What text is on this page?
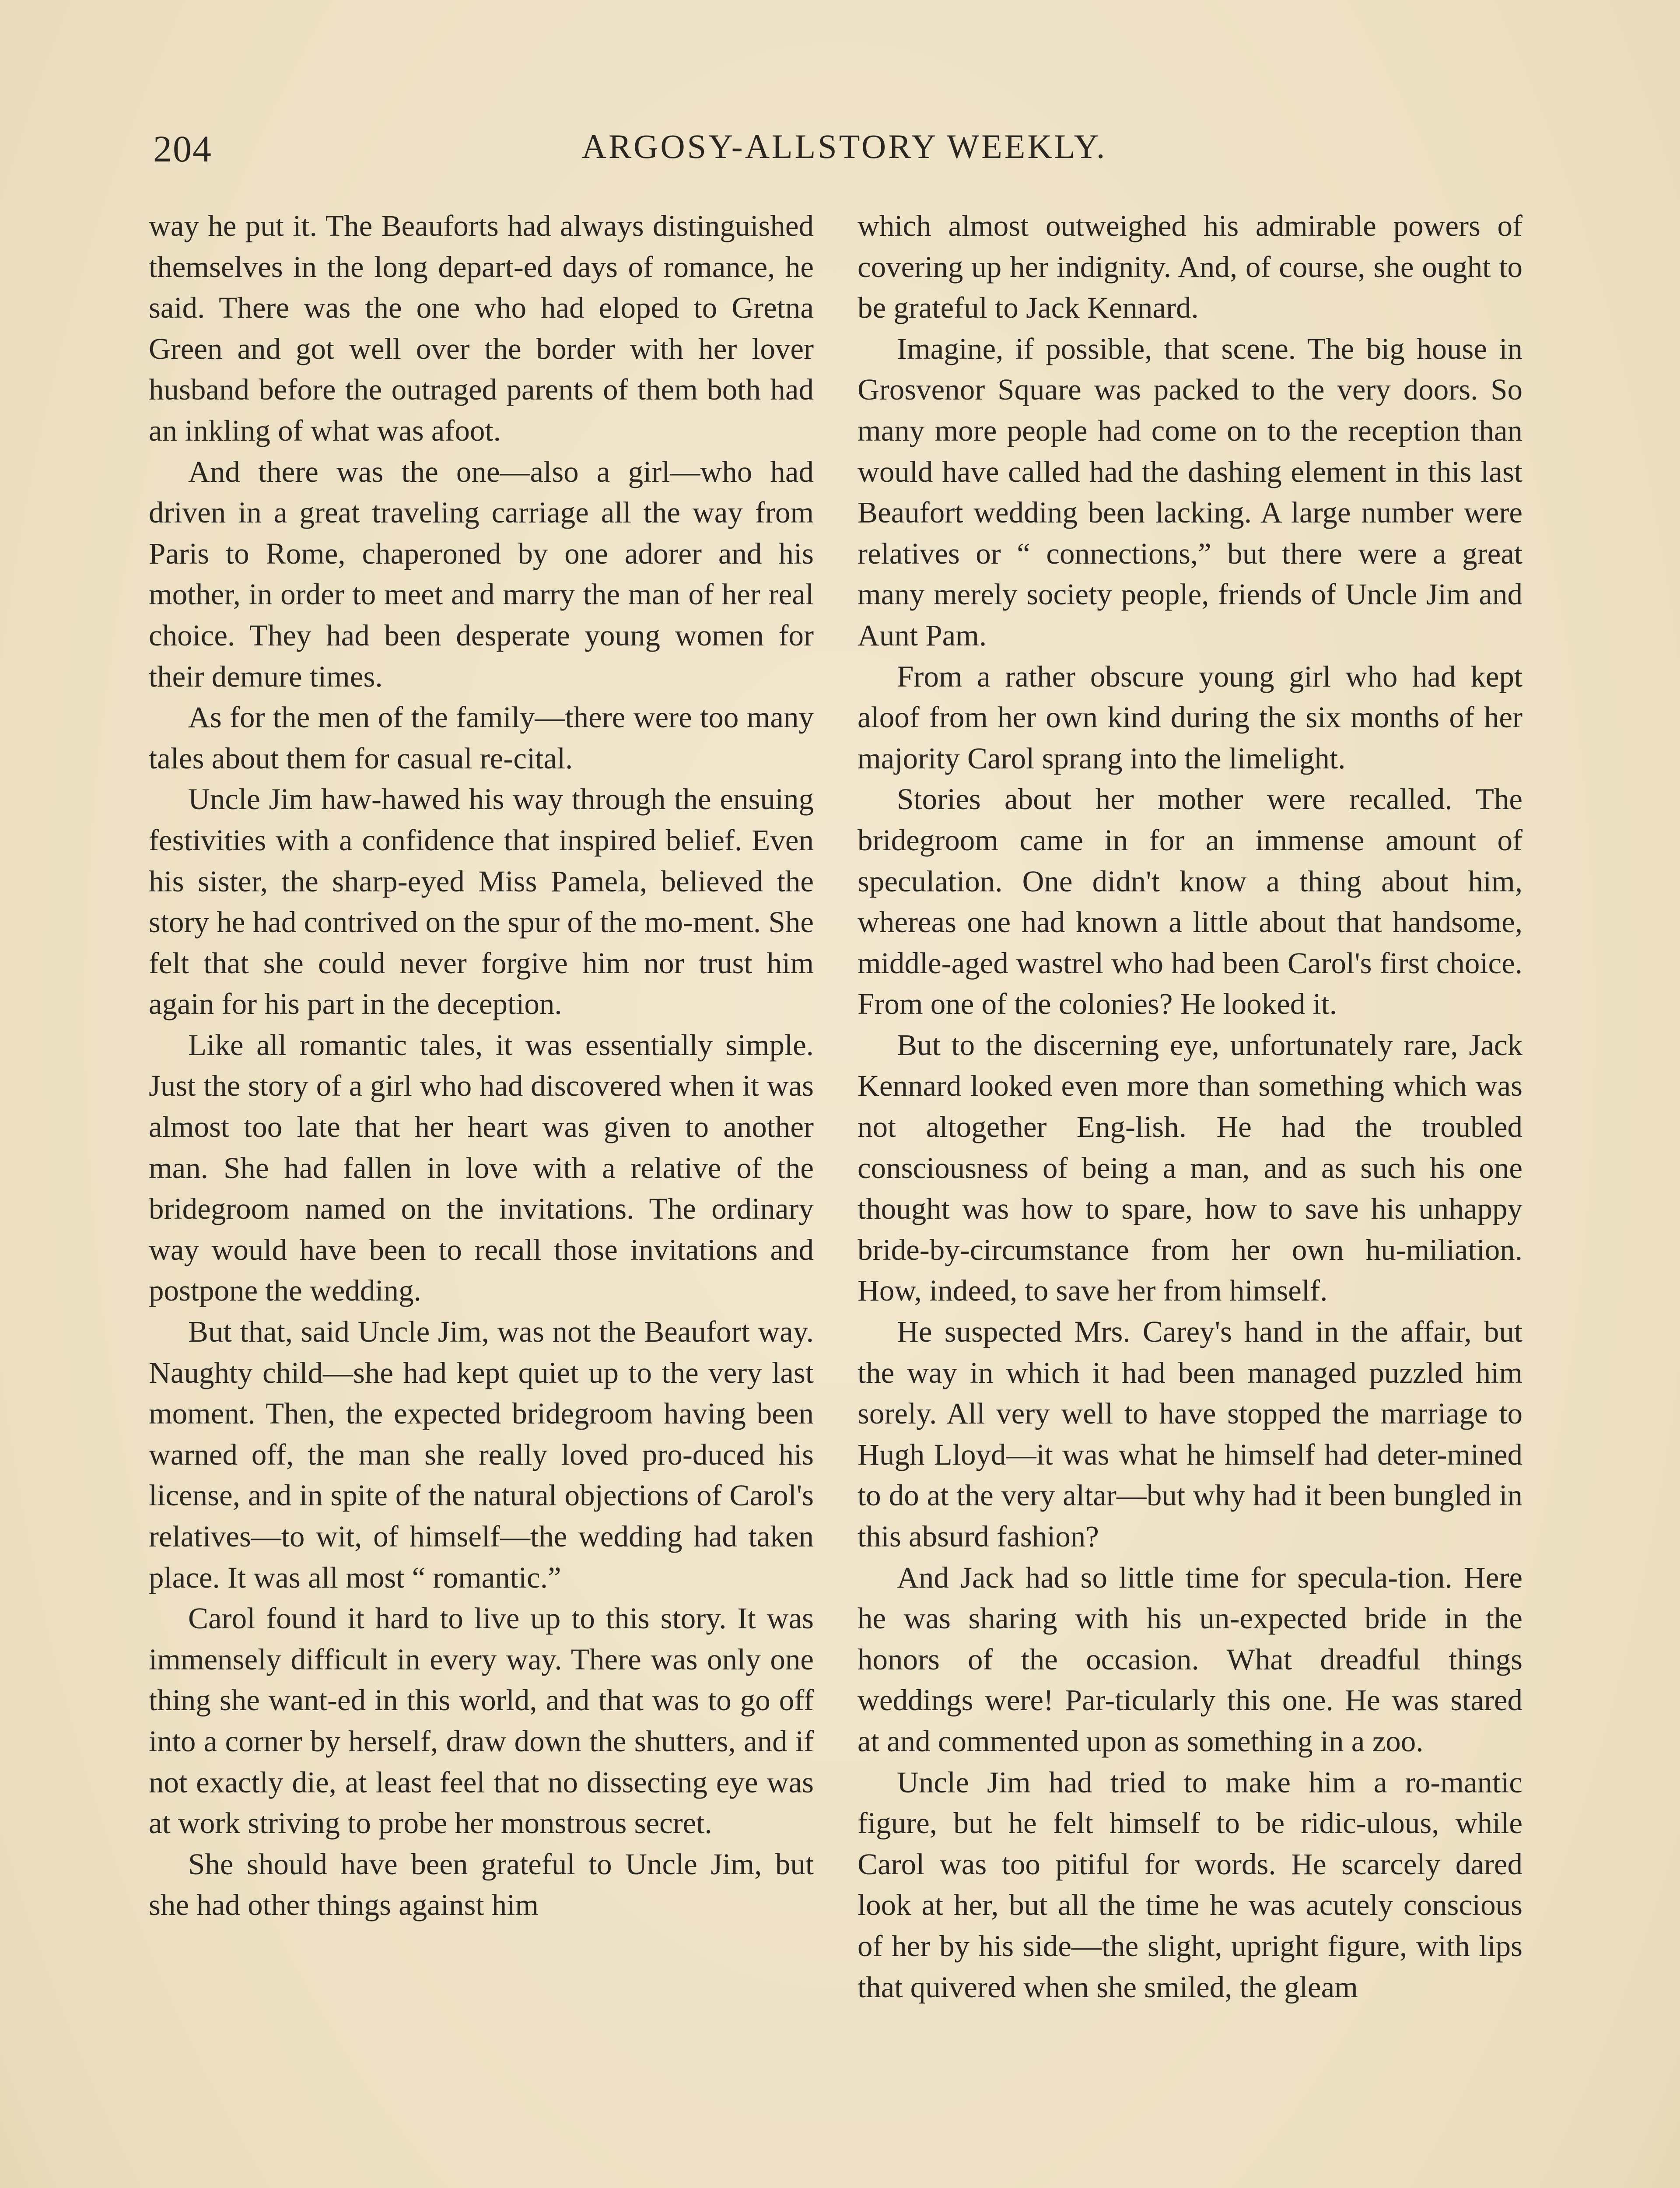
204	ARGOSY-ALLSTORY WEEKLY.

way he put it. The Beauforts had always distinguished themselves in the long depart-ed days of romance, he said. There was the one who had eloped to Gretna Green and got well over the border with her lover husband before the outraged parents of them both had an inkling of what was afoot.

And there was the one—also a girl—who had driven in a great traveling carriage all the way from Paris to Rome, chaperoned by one adorer and his mother, in order to meet and marry the man of her real choice. They had been desperate young women for their demure times.

As for the men of the family—there were too many tales about them for casual re-cital.

Uncle Jim haw-hawed his way through the ensuing festivities with a confidence that inspired belief. Even his sister, the sharp-eyed Miss Pamela, believed the story he had contrived on the spur of the mo-ment. She felt that she could never forgive him nor trust him again for his part in the deception.

Like all romantic tales, it was essentially simple. Just the story of a girl who had discovered when it was almost too late that her heart was given to another man. She had fallen in love with a relative of the bridegroom named on the invitations. The ordinary way would have been to recall those invitations and postpone the wedding.

But that, said Uncle Jim, was not the Beaufort way. Naughty child—she had kept quiet up to the very last moment. Then, the expected bridegroom having been warned off, the man she really loved pro-duced his license, and in spite of the natural objections of Carol's relatives—to wit, of himself—the wedding had taken place. It was all most “ romantic.”

Carol found it hard to live up to this story. It was immensely difficult in every way. There was only one thing she want-ed in this world, and that was to go off into a corner by herself, draw down the shutters, and if not exactly die, at least feel that no dissecting eye was at work striving to probe her monstrous secret.

She should have been grateful to Uncle Jim, but she had other things against him

which almost outweighed his admirable powers of covering up her indignity. And, of course, she ought to be grateful to Jack Kennard.

Imagine, if possible, that scene. The big house in Grosvenor Square was packed to the very doors. So many more people had come on to the reception than would have called had the dashing element in this last Beaufort wedding been lacking. A large number were relatives or “ connections,” but there were a great many merely society people, friends of Uncle Jim and Aunt Pam.

From a rather obscure young girl who had kept aloof from her own kind during the six months of her majority Carol sprang into the limelight.

Stories about her mother were recalled. The bridegroom came in for an immense amount of speculation. One didn't know a thing about him, whereas one had known a little about that handsome, middle-aged wastrel who had been Carol's first choice. From one of the colonies? He looked it.

But to the discerning eye, unfortunately rare, Jack Kennard looked even more than something which was not altogether Eng-lish. He had the troubled consciousness of being a man, and as such his one thought was how to spare, how to save his unhappy bride-by-circumstance from her own hu-miliation. How, indeed, to save her from himself.

He suspected Mrs. Carey's hand in the affair, but the way in which it had been managed puzzled him sorely. All very well to have stopped the marriage to Hugh Lloyd—it was what he himself had deter-mined to do at the very altar—but why had it been bungled in this absurd fashion?

And Jack had so little time for specula-tion. Here he was sharing with his un-expected bride in the honors of the occasion. What dreadful things weddings were! Par-ticularly this one. He was stared at and commented upon as something in a zoo.

Uncle Jim had tried to make him a ro-mantic figure, but he felt himself to be ridic-ulous, while Carol was too pitiful for words. He scarcely dared look at her, but all the time he was acutely conscious of her by his side—the slight, upright figure, with lips that quivered when she smiled, the gleam
